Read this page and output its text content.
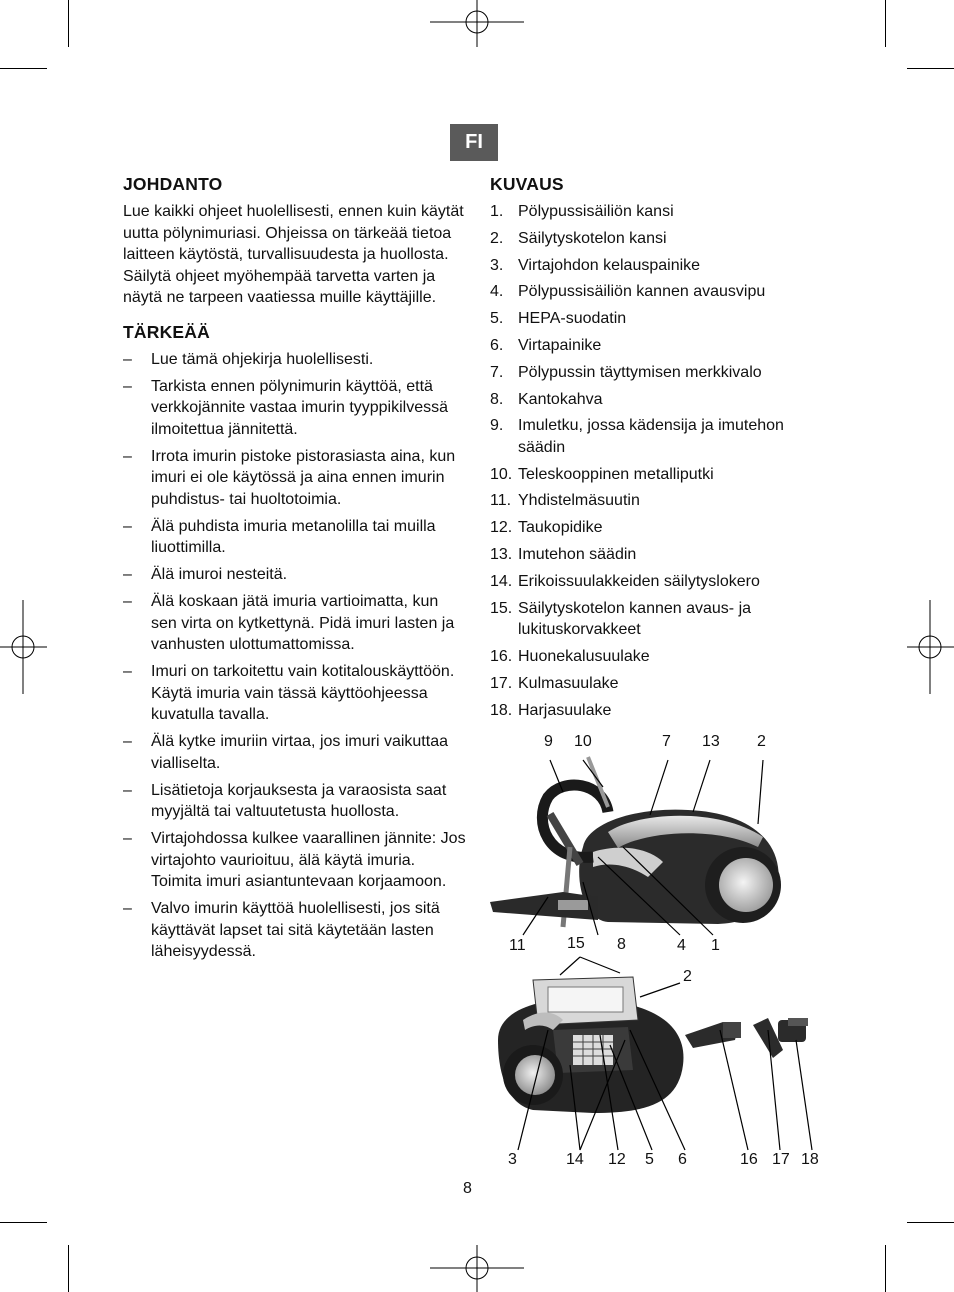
FI
JOHDANTO

Lue kaikki ohjeet huolellisesti, ennen kuin käytät uutta pölynimuriasi. Ohjeissa on tärkeää tietoa laitteen käytöstä, turvallisuudesta ja huollosta. Säilytä ohjeet myöhempää tarvetta varten ja näytä ne tarpeen vaatiessa muille käyttäjille.

TÄRKEÄÄ
– Lue tämä ohjekirja huolellisesti.
– Tarkista ennen pölynimurin käyttöä, että verkkojännite vastaa imurin tyyppikilvessä ilmoitettua jännitettä.
– Irrota imurin pistoke pistorasiasta aina, kun imuri ei ole käytössä ja aina ennen imurin puhdistus- tai huoltotoimia.
– Älä puhdista imuria metanolilla tai muilla liuottimilla.
– Älä imuroi nesteitä.
– Älä koskaan jätä imuria vartioimatta, kun sen virta on kytkettynä. Pidä imuri lasten ja vanhusten ulottumattomissa.
– Imuri on tarkoitettu vain kotitalouskäyttöön. Käytä imuria vain tässä käyttöohjeessa kuvatulla tavalla.
– Älä kytke imuriin virtaa, jos imuri vaikuttaa vialliselta.
– Lisätietoja korjauksesta ja varaosista saat myyjältä tai valtuutetusta huollosta.
– Virtajohdossa kulkee vaarallinen jännite: Jos virtajohto vaurioituu, älä käytä imuria. Toimita imuri asiantuntevaan korjaamoon.
– Valvo imurin käyttöä huolellisesti, jos sitä käyttävät lapset tai sitä käytetään lasten läheisyydessä.
KUVAUS
1. Pölypussisäiliön kansi
2. Säilytyskotelon kansi
3. Virtajohdon kelauspainike
4. Pölypussisäiliön kannen avausvipu
5. HEPA-suodatin
6. Virtapainike
7. Pölypussin täyttymisen merkkivalo
8. Kantokahva
9. Imuletku, jossa kädensija ja imutehon säädin
10. Teleskooppinen metalliputki
11. Yhdistelmäsuutin
12. Taukopidike
13. Imutehon säädin
14. Erikoissuulakkeiden säilytyslokero
15. Säilytyskotelon kannen avaus- ja lukituskorvakkeet
16. Huonekalusuulake
17. Kulmasuulake
18. Harjasuulake
9 10	7 13 2
11	15 8	4 1
2
3	14 12 5 6	16 17 18
8
